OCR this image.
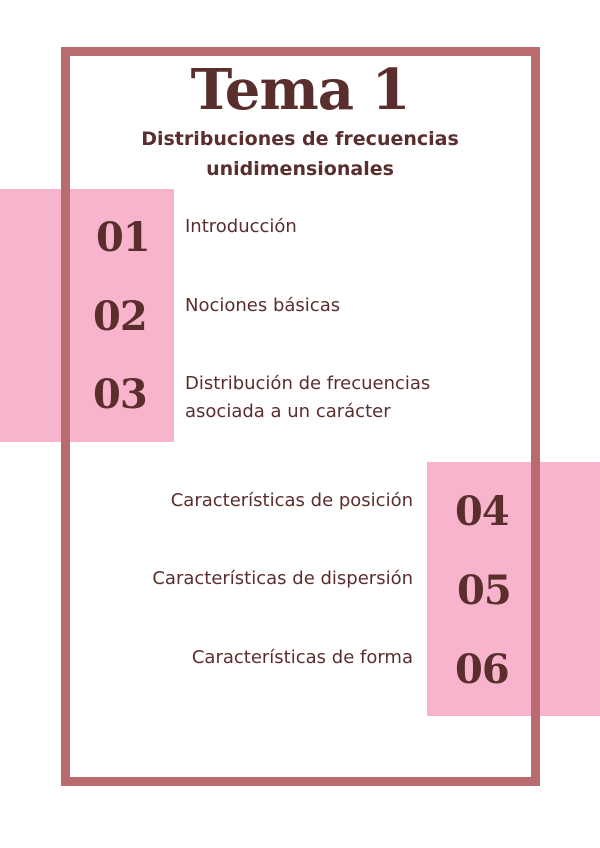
Tema 1
Distribuciones de frecuencias
unidimensionales
01 Introducción
02 Nociones básicas
03 Distribución de frecuencias
asociada a un carácter
Características de posición 04
Características de dispersión 05
Características de forma 06
